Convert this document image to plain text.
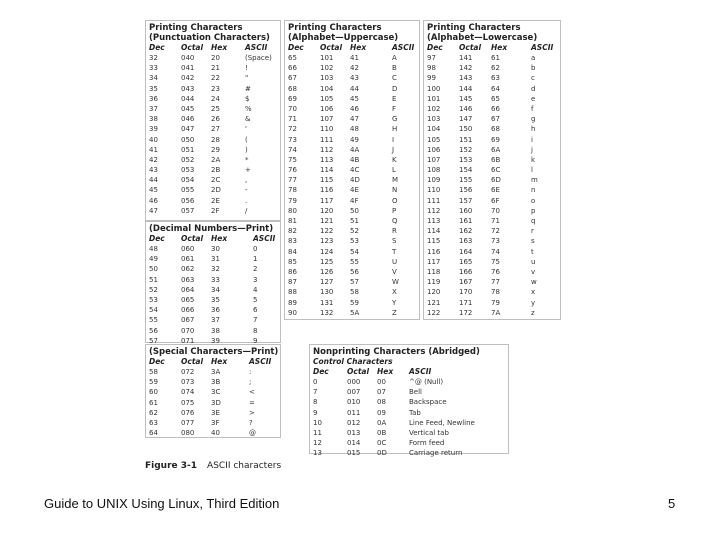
Printing Characters
(Punctuation Characters)
Dec Octal Hex ASCII
32	040 20	(Space)
33	041 21	!
34	042 22	"
35	043 23	#
36	044 24	$
37	045 25	%
38	046 26	&
39	047 27	'
40	050 28	(
41	051 29	)
42	052 2A	*
43	053 2B	+
44	054 2C	,
45	055 2D	-
46	056 2E	.
47	057 2F	/
(Decimal Numbers—Print)
Dec Octal Hex	ASCII
48	060 30	0
49	061 31	1
50	062 32	2
51	063 33	3
52	064 34	4
53	065 35	5
54	066 36	6
55	067 37	7
56	070 38	8
57	071 39	9
(Special Characters—Print)
Dec Octal Hex	ASCII
58	072 3A	:
59	073 3B	;
60	074 3C	<
61	075 3D	=
62	076 3E	>
63	077 3F	?
64	080 40	@
Printing Characters
(Alphabet—Uppercase)
Dec Octal Hex	ASCII
65	101 41	A
66	102 42	B
67	103 43	C
68	104 44	D
69	105 45	E
70	106 46	F
71	107 47	G
72	110 48	H
73	111 49	I
74	112 4A	J
75	113 4B	K
76	114 4C	L
77	115 4D	M
78	116 4E	N
79	117 4F	O
80	120 50	P
81	121 51	Q
82	122 52	R
83	123 53	S
84	124 54	T
85	125 55	U
86	126 56	V
87	127 57	W
88	130 58	X
89	131 59	Y
90	132 5A	Z
Printing Characters
(Alphabet—Lowercase)
Dec Octal Hex	ASCII
97	141	61	a
98	142	62	b
99	143	63	c
100	144	64	d
101	145	65	e
102	146	66	f
103	147	67	g
104	150	68	h
105	151	69	i
106	152	6A	j
107	153	6B	k
108	154	6C	l
109	155	6D	m
110	156	6E	n
111	157	6F	o
112	160	70	p
113	161	71	q
114	162	72	r
115	163	73	s
116	164	74	t
117	165	75	u
118	166	76	v
119	167	77	w
120	170	78	x
121	171	79	y
122	172	7A	z
Nonprinting Characters (Abridged)
Control Characters
Dec Octal Hex ASCII
0	000 00	^@ (Null)
7	007 07	Bell
8	010 08	Backspace
9	011 09	Tab
10	012 0A	Line Feed, Newline
11	013 0B	Vertical tab
12	014 0C	Form feed
13	015 0D	Carriage return
Figure 3-1 ASCII characters
Guide to UNIX Using Linux, Third Edition	5
